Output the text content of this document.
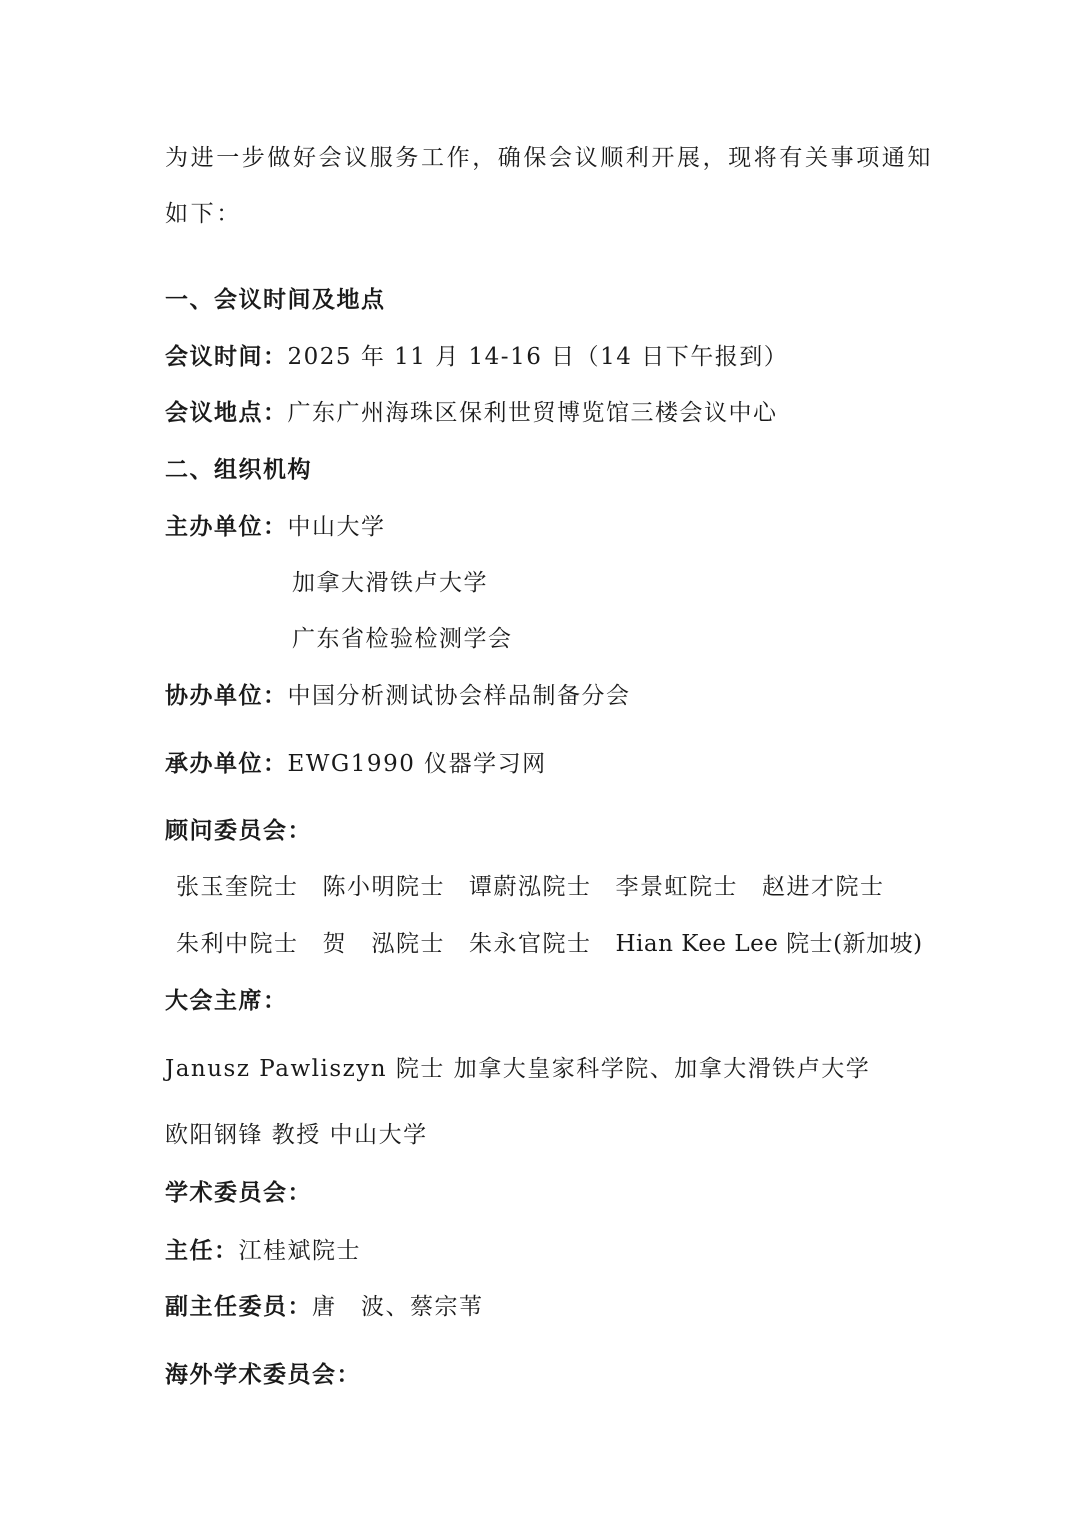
为进一步做好会议服务工作，确保会议顺利开展，现将有关事项通知
如下：
一、会议时间及地点
会议时间：2025 年 11 月 14-16 日（14 日下午报到）
会议地点：广东广州海珠区保利世贸博览馆三楼会议中心
二、组织机构
主办单位：中山大学
加拿大滑铁卢大学
广东省检验检测学会
协办单位：中国分析测试协会样品制备分会
承办单位：EWG1990 仪器学习网
顾问委员会：
张玉奎院士 陈小明院士 谭蔚泓院士 李景虹院士 赵进才院士
朱利中院士 贺　泓院士 朱永官院士 Hian Kee Lee 院士(新加坡)
大会主席：
Janusz Pawliszyn 院士 加拿大皇家科学院、加拿大滑铁卢大学
欧阳钢锋 教授 中山大学
学术委员会：
主任：江桂斌院士
副主任委员：唐　波、蔡宗苇
海外学术委员会：
